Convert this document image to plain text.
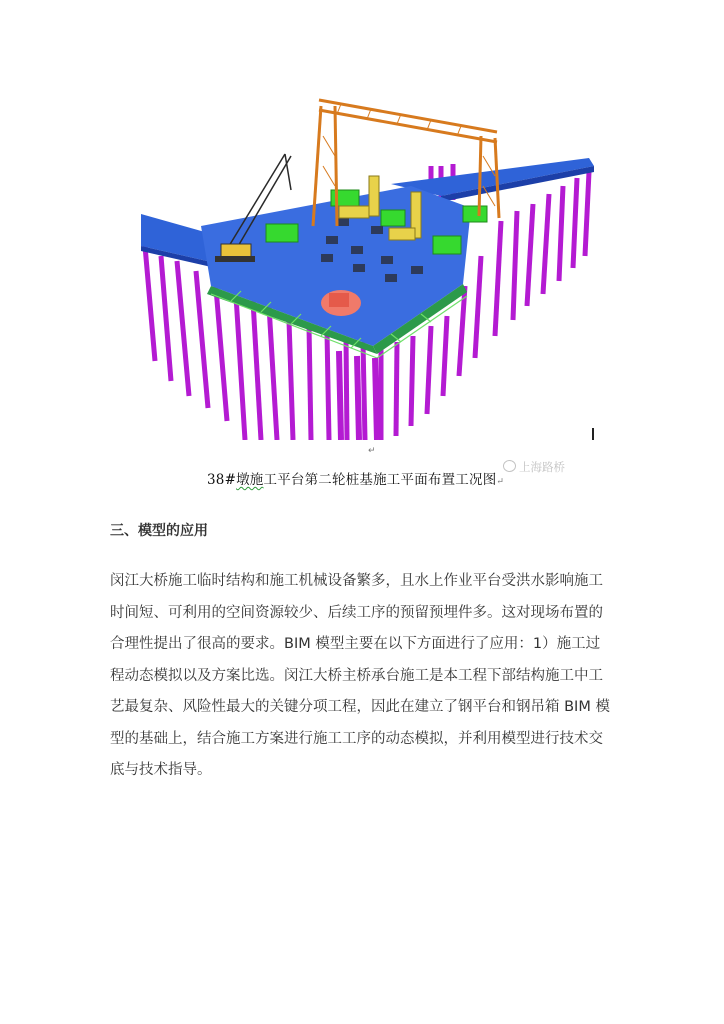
↵
38#墩施工平台第二轮桩基施工平面布置工况图↵
上海路桥
三、模型的应用
闵江大桥施工临时结构和施工机械设备繁多，且水上作业平台受洪水影响施工
时间短、可利用的空间资源较少、后续工序的预留预埋件多。这对现场布置的
合理性提出了很高的要求。BIM 模型主要在以下方面进行了应用：1）施工过
程动态模拟以及方案比选。闵江大桥主桥承台施工是本工程下部结构施工中工
艺最复杂、风险性最大的关键分项工程，因此在建立了钢平台和钢吊箱 BIM 模
型的基础上，结合施工方案进行施工工序的动态模拟，并利用模型进行技术交
底与技术指导。
